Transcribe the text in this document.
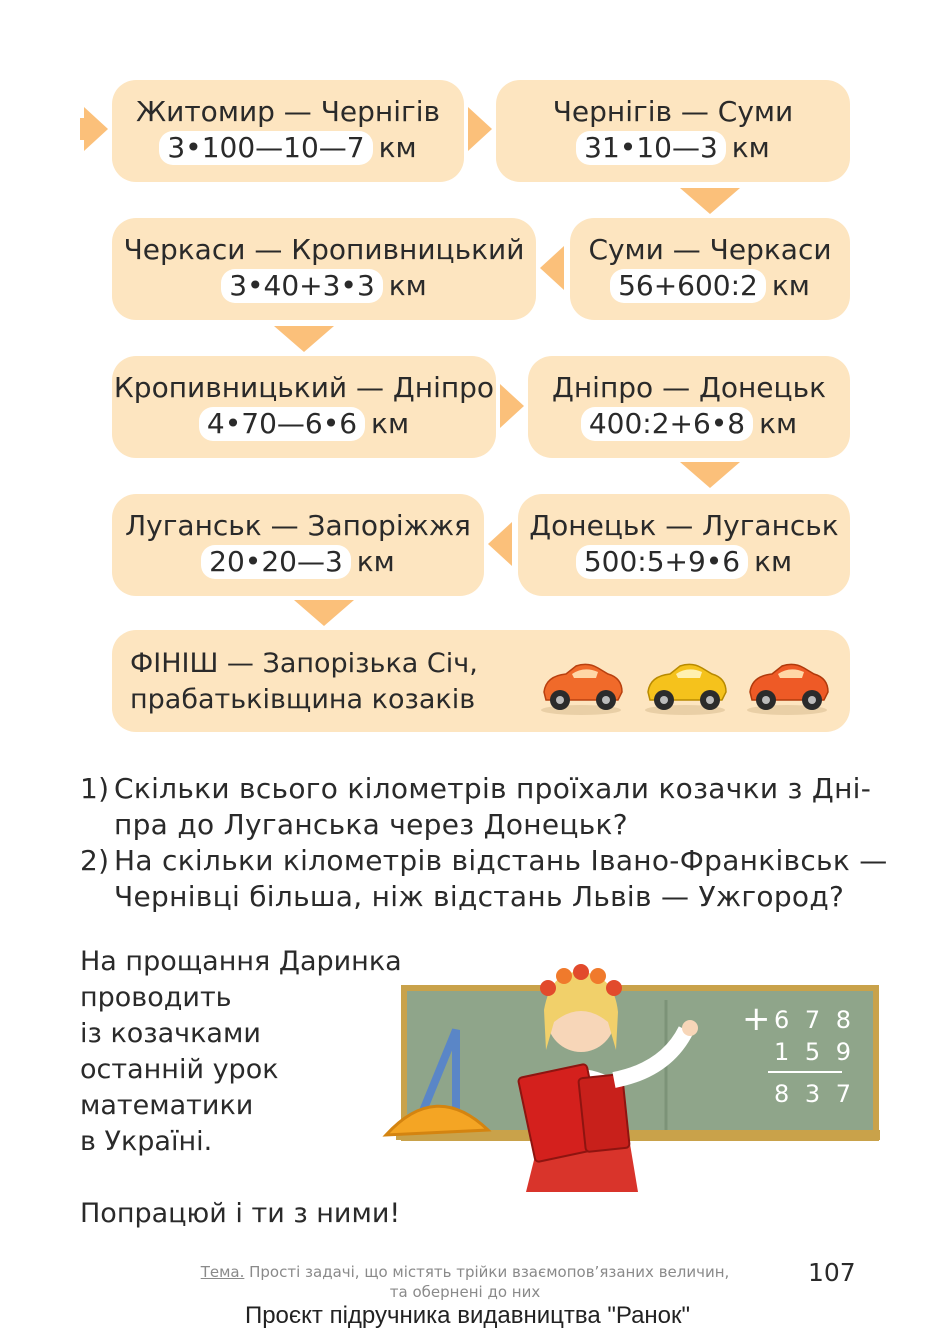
Житомир — Чернігів
3•100—10—7 км
Чернігів — Суми
31•10—3 км
Черкаси — Кропивницький
3•40+3•3 км
Суми — Черкаси
56+600:2 км
Кропивницький — Дніпро
4•70—6•6 км
Дніпро — Донецьк
400:2+6•8 км
Луганськ — Запоріжжя
20•20—3 км
Донецьк — Луганськ
500:5+9•6 км
ФІНІШ — Запорізька Січ,
прабатьківщина козаків
1) Скільки всього кілометрів проїхали козачки з Дні-
пра до Луганська через Донецьк?
2) На скільки кілометрів відстань Івано-Франківськ —
Чернівці більша, ніж відстань Львів — Ужгород?
На прощання Даринка
проводить
із козачками
останній урок
математики
в Україні.
Попрацюй і ти з ними!
+ 6 7 8
1 5 9
8 3 7
Тема. Прості задачі, що містять трійки взаємопов’язаних величин,
та обернені до них
107
Проєкт підручника видавництва "Ранок"
